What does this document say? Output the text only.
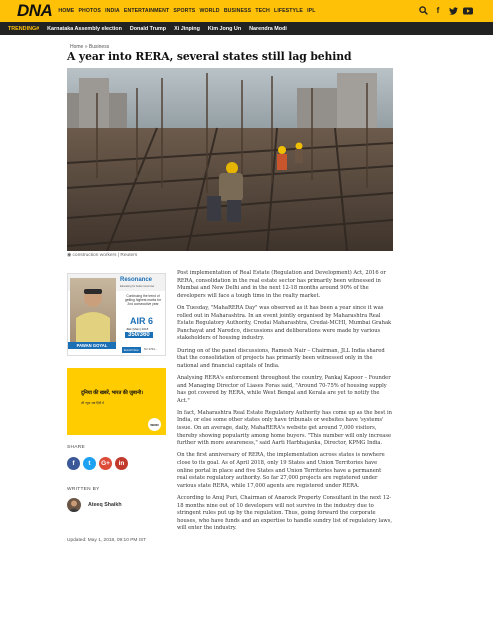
DNA HOME PHOTOS INDIA ENTERTAINMENT SPORTS WORLD BUSINESS TECH LIFESTYLE IPL	f
TRENDING# Karnataka Assembly election Donald Trump Xi Jinping Kim Jong Un Narendra Modi
Home » Business
A year into RERA, several states still lag behind
◉ construction workers | Reuters
Resonance
Educating for better tomorrow
Continuing the trend of getting highest marks for 2nd consecutive year
AIR 6
JEE (Main) 2018
350/360
PAWAN GOYAL
Enroll Now	Tel: 0744-...
दुनिया की खबरें, भारत की ज़ुबानी।
ज़ी न्यूज़ अब हिंदी में
WION
SHARE
f	t	G+	in
WRITTEN BY
Ateeq Shaikh
Updated: May 1, 2018, 09:10 PM IST

Post implementation of Real Estate (Regulation and Development) Act, 2016 or RERA, consolidation in the real estate sector has primarily been witnessed in Mumbai and New Delhi and in the next 12-18 months around 90% of the developers will face a tough time in the realty market.

On Tuesday, "MahaRERA Day" was observed as it has been a year since it was rolled out in Maharashtra. In an event jointly organised by Maharashtra Real Estate Regulatory Authority, Credai Maharashtra, Credai-MCHI, Mumbai Grahak Panchayat and Naredco, discussions and deliberations were made by various stakeholders of housing industry.

During on of the panel discussions, Ramesh Nair – Chairman, JLL India shared that the consolidation of projects has primarily been witnessed only in the national and financial capitals of India.

Analysing RERA's enforcement throughout the country, Pankaj Kapoor – Founder and Managing Director of Liases Foras said, "Around 70-75% of housing supply has got covered by RERA, while West Bengal and Kerala are yet to notify the Act."

In fact, Maharashtra Real Estate Regulatory Authority has come up as the best in India, or else some other states only have tribunals or websites have 'systems' issue. On an average, daily, MahaRERA's website get around 7,000 visitors, thereby showing popularity among home buyers. "This number will only increase further with more awareness," said Aarti Harbhajanka, Director, KPMG India.

On the first anniversary of RERA, the implementation across states is nowhere close to its goal. As of April 2018, only 19 States and Union Territories have online portal in place and five States and Union Territories have a permanent real estate regulatory authority. So far 27,000 projects are registered under various state RERA, while 17,000 agents are registered under RERA.

According to Anuj Puri, Chairman of Anarock Property Consultant in the next 12-18 months nine out of 10 developers will not survive in the industry due to stringent rules put up by the regulation. Thus, going forward the corporate houses, who have funds and an expertise to handle sundry list of regulatory laws, will enter the industry.
